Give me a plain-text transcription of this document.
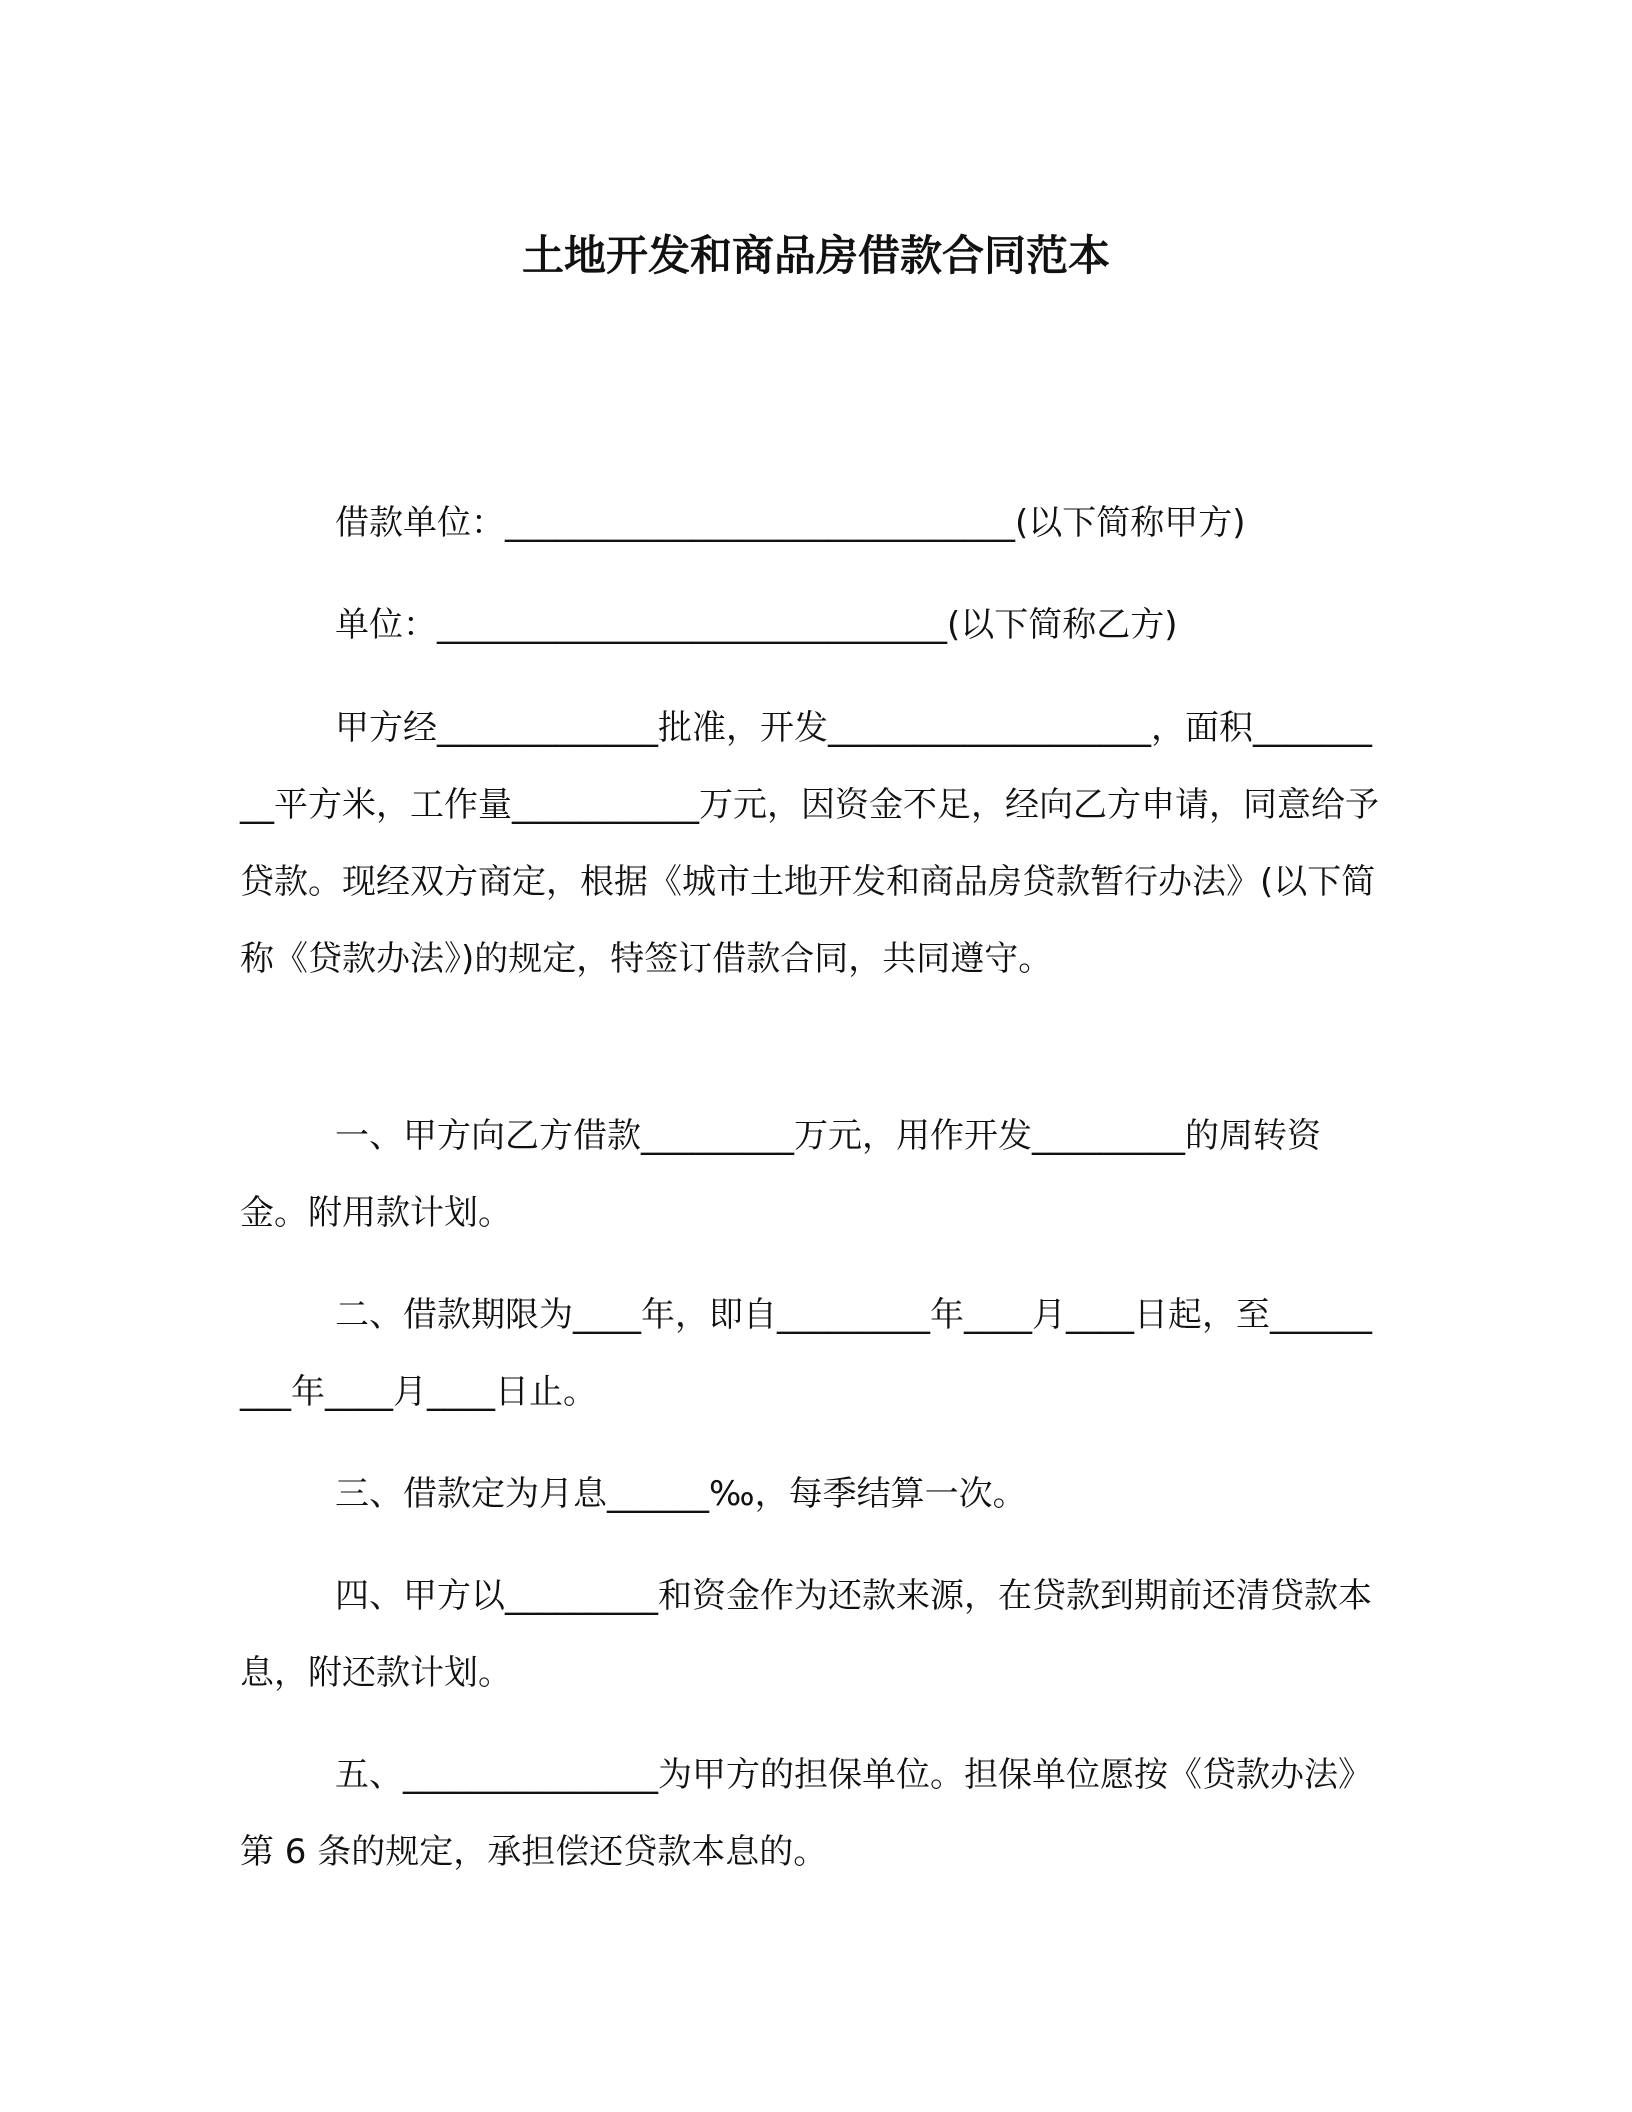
土地开发和商品房借款合同范本
借款单位：______________________________(以下简称甲方)
单位：______________________________(以下简称乙方)
甲方经_____________批准，开发___________________，面积_________平方米，工作量___________万元，因资金不足，经向乙方申请，同意给予贷款。现经双方商定，根据《城市土地开发和商品房贷款暂行办法》(以下简称《贷款办法》)的规定，特签订借款合同，共同遵守。
一、甲方向乙方借款_________万元，用作开发_________的周转资金。附用款计划。
二、借款期限为____年，即自_________年____月____日起，至_________年____月____日止。
三、借款定为月息______‰，每季结算一次。
四、甲方以_________和资金作为还款来源，在贷款到期前还清贷款本息，附还款计划。
五、_______________为甲方的担保单位。担保单位愿按《贷款办法》第 6 条的规定，承担偿还贷款本息的。
